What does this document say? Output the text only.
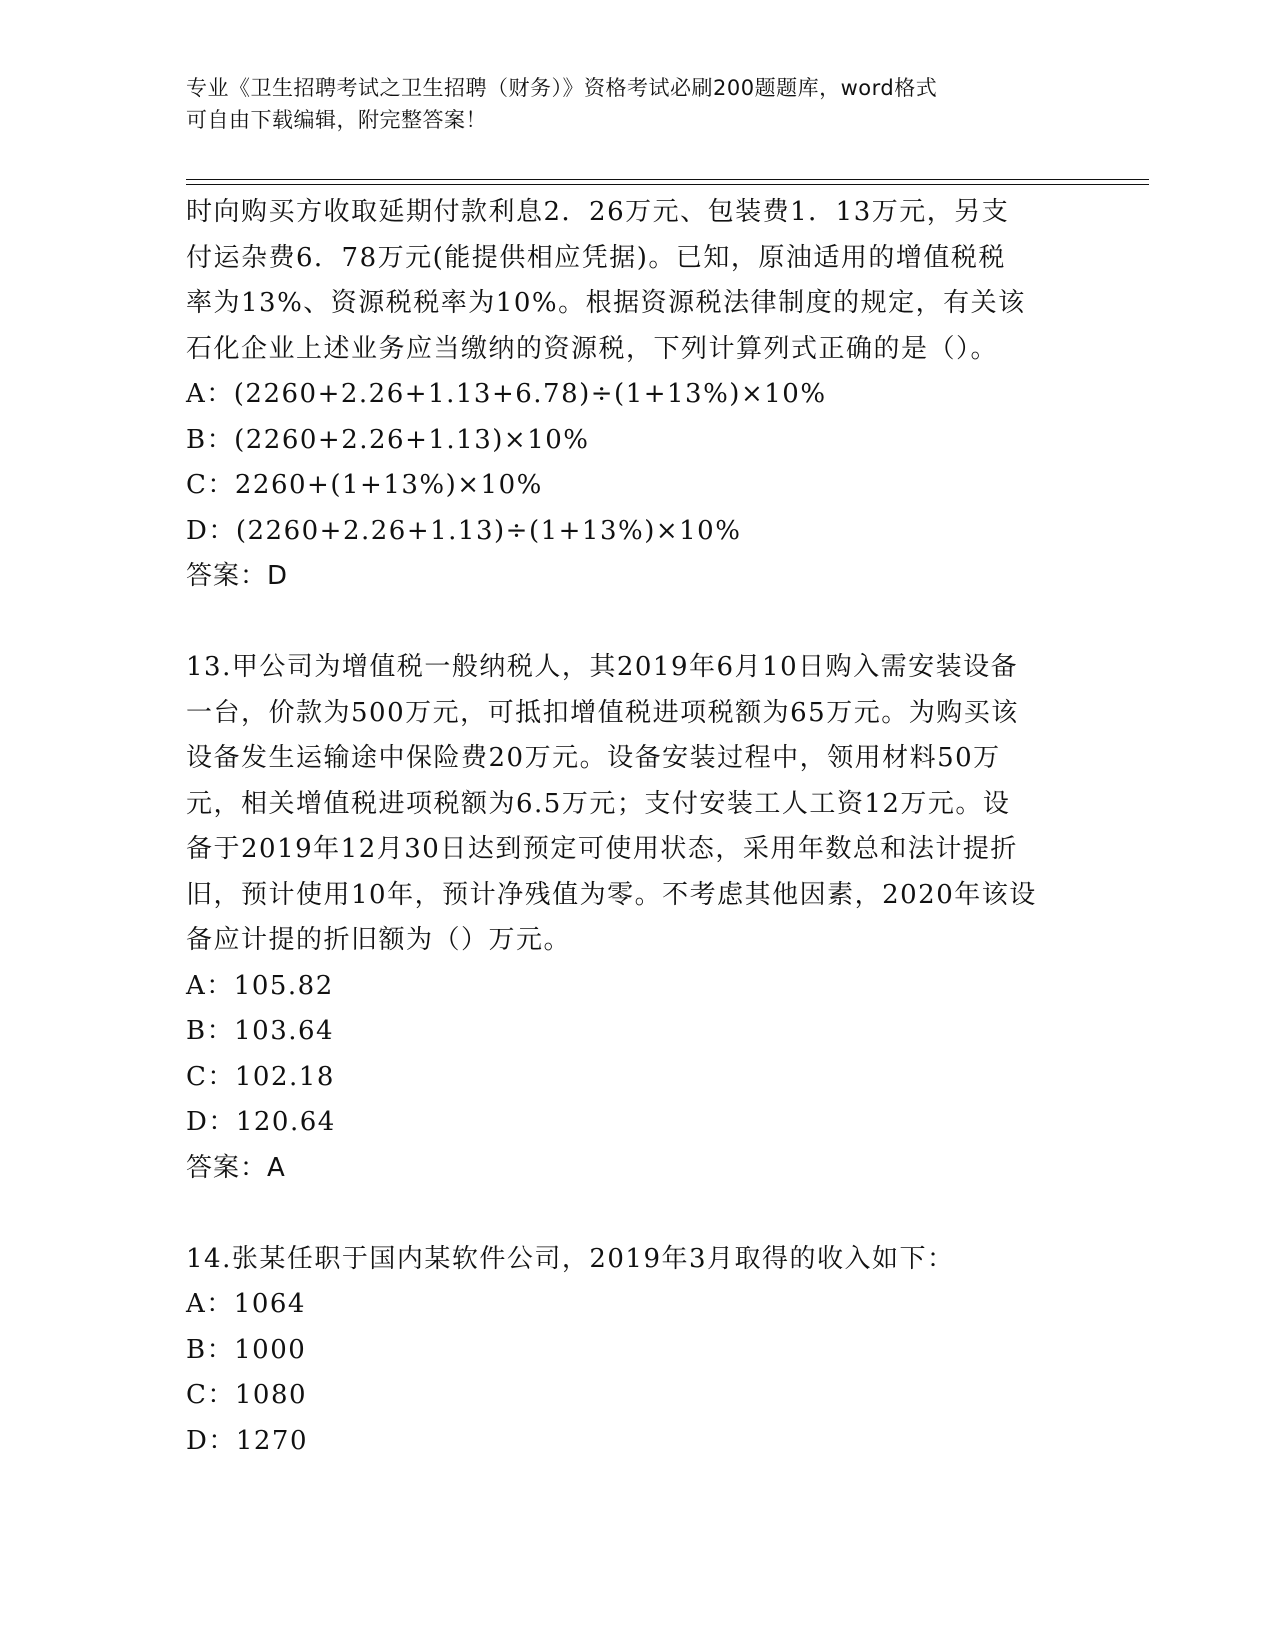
专业《卫生招聘考试之卫生招聘（财务）》资格考试必刷200题题库，word格式
可自由下载编辑，附完整答案！
时向购买方收取延期付款利息2．26万元、包装费1．13万元，另支
付运杂费6．78万元(能提供相应凭据)。已知，原油适用的增值税税
率为13%、资源税税率为10%。根据资源税法律制度的规定，有关该
石化企业上述业务应当缴纳的资源税，下列计算列式正确的是（）。
A：(2260+2.26+1.13+6.78)÷(1+13%)×10%
B：(2260+2.26+1.13)×10%
C：2260+(1+13%)×10%
D：(2260+2.26+1.13)÷(1+13%)×10%
答案：D
13.甲公司为增值税一般纳税人，其2019年6月10日购入需安装设备
一台，价款为500万元，可抵扣增值税进项税额为65万元。为购买该
设备发生运输途中保险费20万元。设备安装过程中，领用材料50万
元，相关增值税进项税额为6.5万元；支付安装工人工资12万元。设
备于2019年12月30日达到预定可使用状态，采用年数总和法计提折
旧，预计使用10年，预计净残值为零。不考虑其他因素，2020年该设
备应计提的折旧额为（）万元。
A：105.82
B：103.64
C：102.18
D：120.64
答案：A
14.张某任职于国内某软件公司，2019年3月取得的收入如下：
A：1064
B：1000
C：1080
D：1270
